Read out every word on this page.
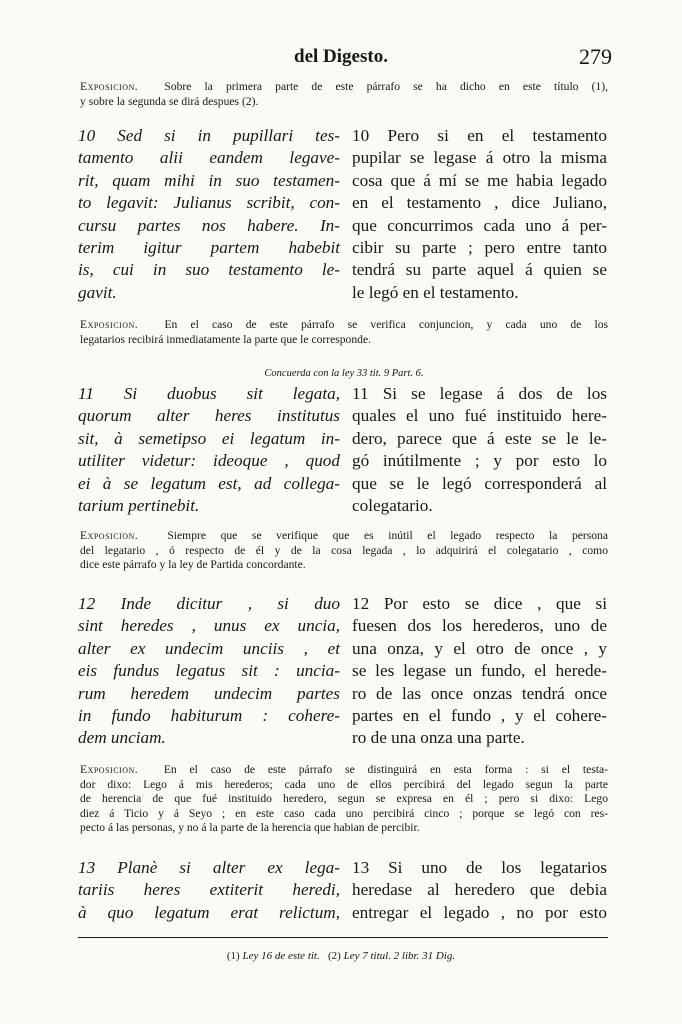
del Digesto.	279
Exposicion. Sobre la primera parte de este párrafo se ha dicho en este título (1),
y sobre la segunda se dirá despues (2).
10 Sed si in pupillari tes-
tamento alii eandem legave-
rit, quam mihi in suo testamen-
to legavit: Julianus scribit, con-
cursu partes nos habere. In-
terim igitur partem habebit
is, cui in suo testamento le-
gavit.
10 Pero si en el testamento
pupilar se legase á otro la misma
cosa que á mí se me habia legado
en el testamento , dice Juliano,
que concurrimos cada uno á per-
cibir su parte ; pero entre tanto
tendrá su parte aquel á quien se
le legó en el testamento.
Exposicion. En el caso de este párrafo se verifica conjuncion, y cada uno de los
legatarios recibirá inmediatamente la parte que le corresponde.
Concuerda con la ley 33 tit. 9 Part. 6.
11 Si duobus sit legata,
quorum alter heres institutus
sit, à semetipso ei legatum in-
utiliter videtur: ideoque , quod
ei à se legatum est, ad collega-
tarium pertinebit.
11 Si se legase á dos de los
quales el uno fué instituido here-
dero, parece que á este se le le-
gó inútilmente ; y por esto lo
que se le legó corresponderá al
colegatario.
Exposicion.	Siempre que se verifique que es inútil el legado respecto la persona
del legatario , ó respecto de él y de la cosa legada , lo adquirirá el colegatario , como
dice este párrafo y la ley de Partida concordante.
12 Inde dicitur , si duo
sint heredes , unus ex uncia,
alter ex undecim unciis , et
eis fundus legatus sit : uncia-
rum heredem undecim partes
in fundo habiturum : cohere-
dem unciam.
12 Por esto se dice , que si
fuesen dos los herederos, uno de
una onza, y el otro de once , y
se les legase un fundo, el herede-
ro de las once onzas tendrá once
partes en el fundo , y el cohere-
ro de una onza una parte.
Exposicion. En el caso de este párrafo se distinguirá en esta forma : si el testa-
dor dixo: Lego á mis herederos; cada uno de ellos percibirá del legado segun la parte
de herencia de que fué instituido heredero, segun se expresa en él ; pero si dixo: Lego
diez á Ticio y á Seyo ; en este caso cada uno percibirá cinco ; porque se legó con res-
pecto á las personas, y no á la parte de la herencia que habian de percibir.
13 Planè si alter ex lega-
tariis heres extiterit heredi,
à quo legatum erat relictum,
13 Si uno de los legatarios
heredase al heredero que debia
entregar el legado , no por esto
(1) Ley 16 de este tit. (2) Ley 7 titul. 2 libr. 31 Dig.
